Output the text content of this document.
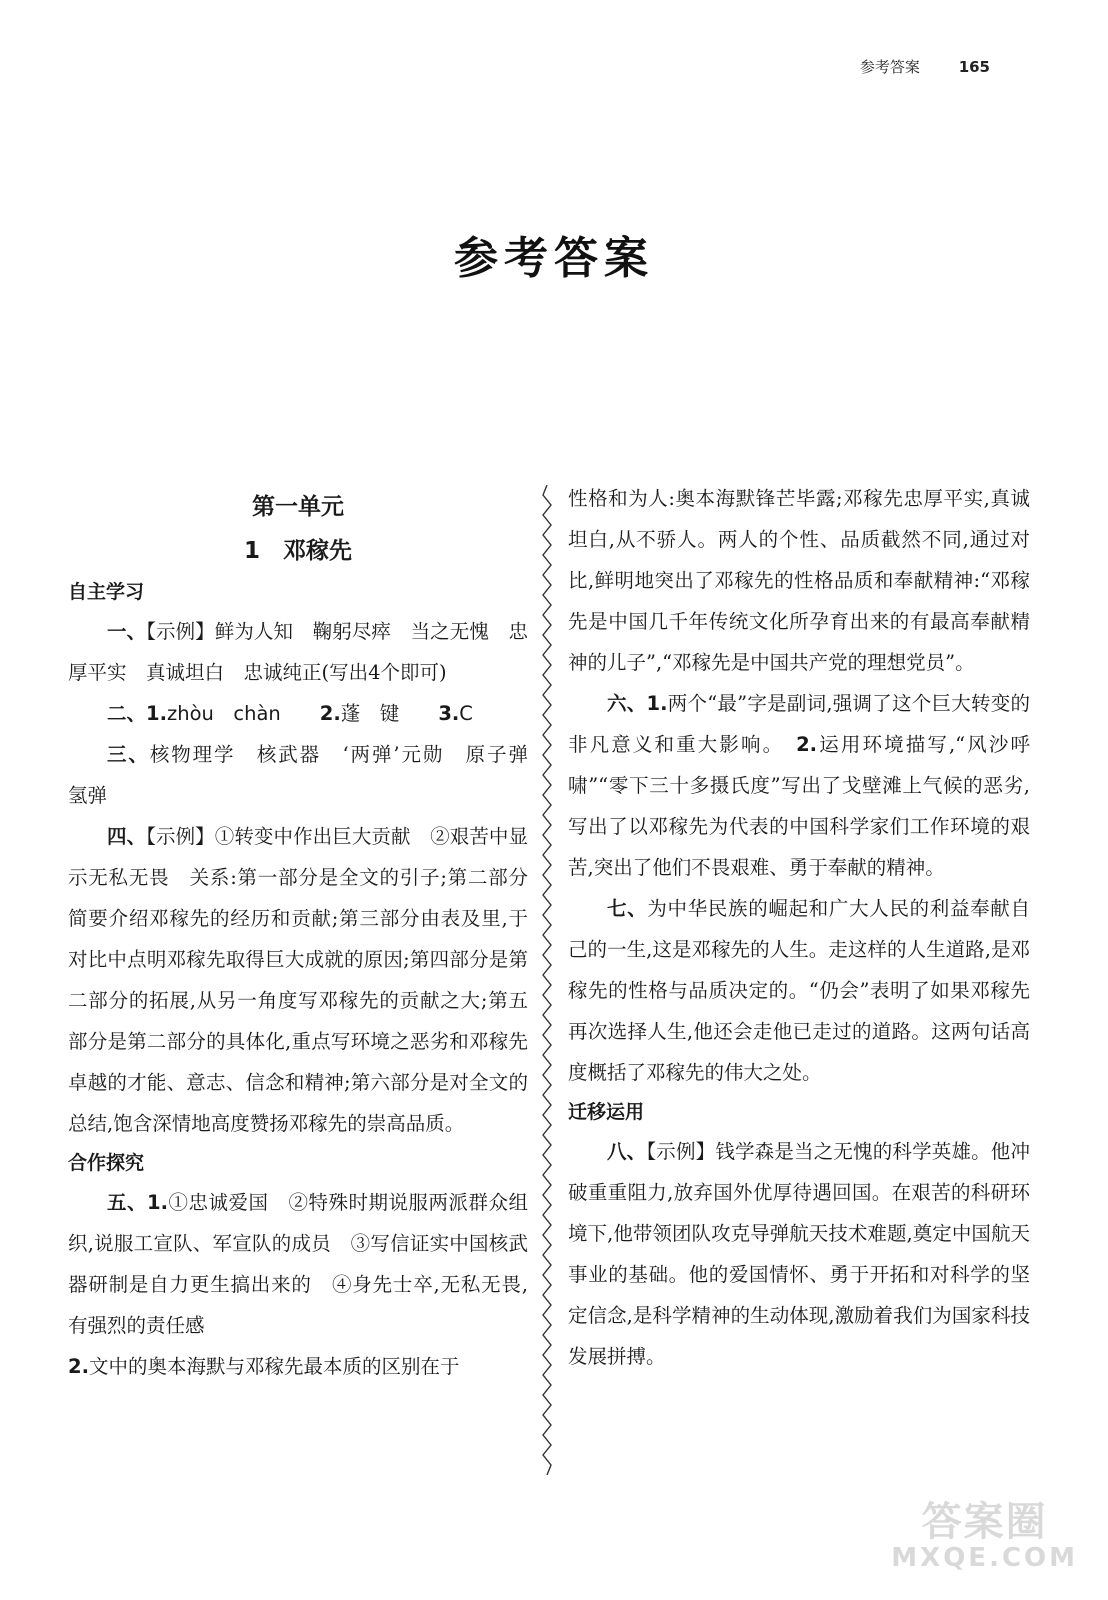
参考答案	165
参考答案
第一单元
1　邓稼先
自主学习

一、【示例】鲜为人知　鞠躬尽瘁　当之无愧　忠厚平实　真诚坦白　忠诚纯正(写出4个即可)

二、1.zhòu　chàn　　 2.蓬　键　　3.C

三、核物理学　核武器　‘两弹’元勋　原子弹　氢弹

四、【示例】①转变中作出巨大贡献　②艰苦中显示无私无畏　关系:第一部分是全文的引子;第二部分简要介绍邓稼先的经历和贡献;第三部分由表及里,于对比中点明邓稼先取得巨大成就的原因;第四部分是第二部分的拓展,从另一角度写邓稼先的贡献之大;第五部分是第二部分的具体化,重点写环境之恶劣和邓稼先卓越的才能、意志、信念和精神;第六部分是对全文的总结,饱含深情地高度赞扬邓稼先的崇高品质。

合作探究

五、1.①忠诚爱国　②特殊时期说服两派群众组织,说服工宣队、军宣队的成员　③写信证实中国核武器研制是自力更生搞出来的　④身先士卒,无私无畏,有强烈的责任感

2.文中的奥本海默与邓稼先最本质的区别在于

性格和为人:奥本海默锋芒毕露;邓稼先忠厚平实,真诚坦白,从不骄人。两人的个性、品质截然不同,通过对比,鲜明地突出了邓稼先的性格品质和奉献精神:“邓稼先是中国几千年传统文化所孕育出来的有最高奉献精神的儿子”,“邓稼先是中国共产党的理想党员”。

六、1.两个“最”字是副词,强调了这个巨大转变的非凡意义和重大影响。　2.运用环境描写,“风沙呼啸”“零下三十多摄氏度”写出了戈壁滩上气候的恶劣,写出了以邓稼先为代表的中国科学家们工作环境的艰苦,突出了他们不畏艰难、勇于奉献的精神。

七、为中华民族的崛起和广大人民的利益奉献自己的一生,这是邓稼先的人生。走这样的人生道路,是邓稼先的性格与品质决定的。“仍会”表明了如果邓稼先再次选择人生,他还会走他已走过的道路。这两句话高度概括了邓稼先的伟大之处。

迁移运用

八、【示例】钱学森是当之无愧的科学英雄。他冲破重重阻力,放弃国外优厚待遇回国。在艰苦的科研环境下,他带领团队攻克导弹航天技术难题,奠定中国航天事业的基础。他的爱国情怀、勇于开拓和对科学的坚定信念,是科学精神的生动体现,激励着我们为国家科技发展拼搏。

答案圈
MXQE.COM
